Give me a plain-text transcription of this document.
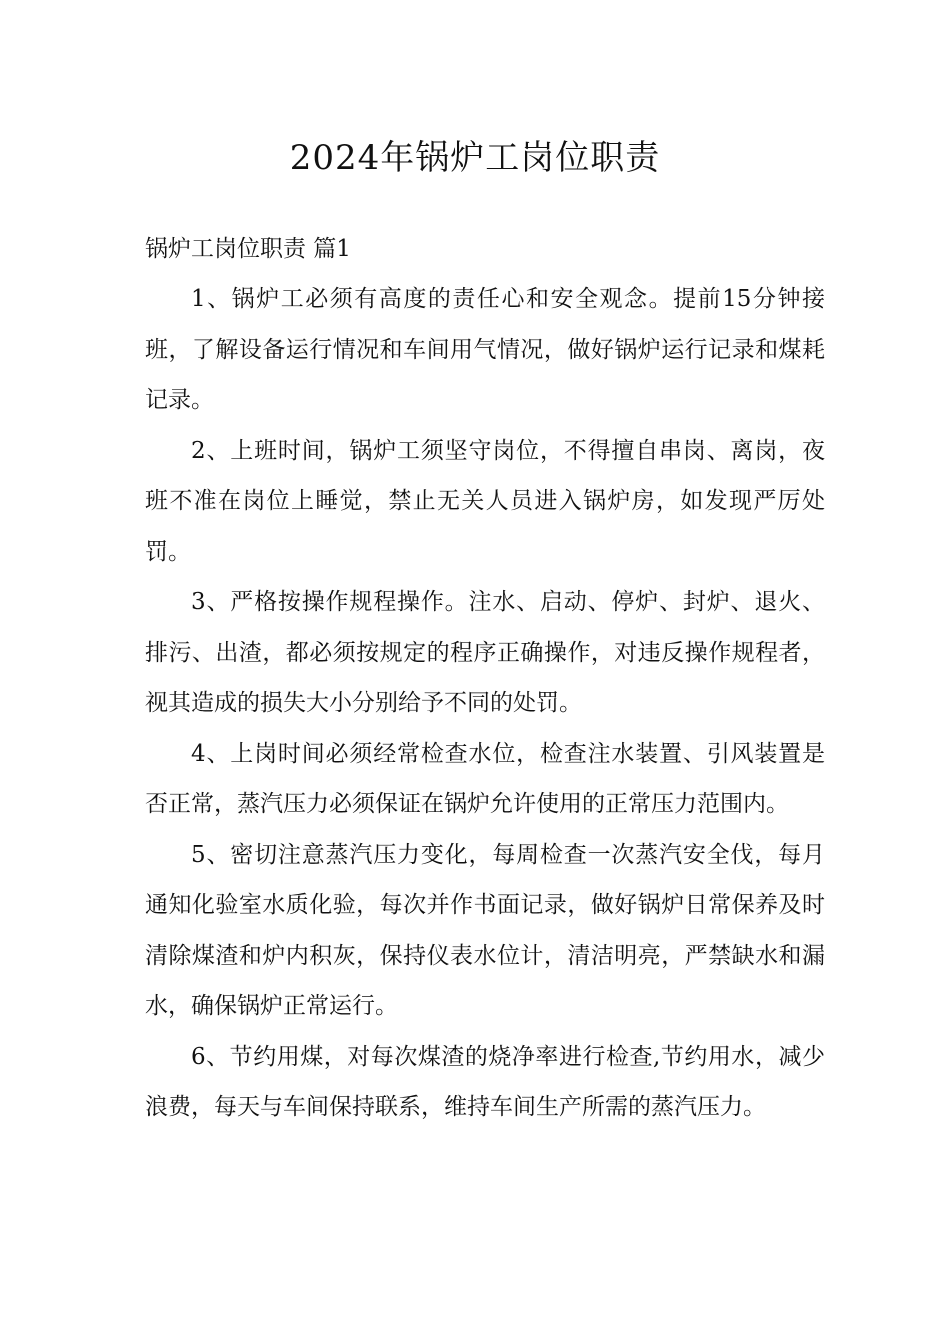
2024年锅炉工岗位职责

锅炉工岗位职责 篇1

1、锅炉工必须有高度的责任心和安全观念。提前15分钟接班，了解设备运行情况和车间用气情况，做好锅炉运行记录和煤耗记录。

2、上班时间，锅炉工须坚守岗位，不得擅自串岗、离岗，夜班不准在岗位上睡觉，禁止无关人员进入锅炉房，如发现严厉处罚。

3、严格按操作规程操作。注水、启动、停炉、封炉、退火、排污、出渣，都必须按规定的程序正确操作，对违反操作规程者，视其造成的损失大小分别给予不同的处罚。

4、上岗时间必须经常检查水位，检查注水装置、引风装置是否正常，蒸汽压力必须保证在锅炉允许使用的正常压力范围内。

5、密切注意蒸汽压力变化，每周检查一次蒸汽安全伐，每月通知化验室水质化验，每次并作书面记录，做好锅炉日常保养及时清除煤渣和炉内积灰，保持仪表水位计，清洁明亮，严禁缺水和漏水，确保锅炉正常运行。

6、节约用煤，对每次煤渣的烧净率进行检查,节约用水，减少浪费，每天与车间保持联系，维持车间生产所需的蒸汽压力。
